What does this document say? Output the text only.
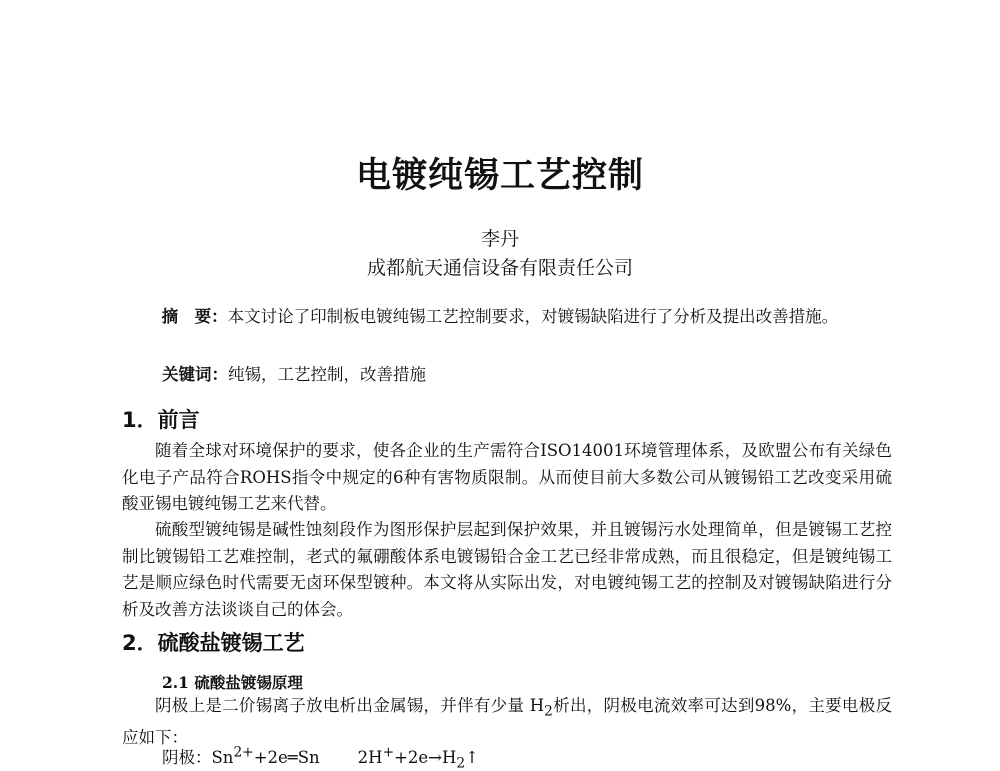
电镀纯锡工艺控制
李丹
成都航天通信设备有限责任公司
摘　要：本文讨论了印制板电镀纯锡工艺控制要求，对镀锡缺陷进行了分析及提出改善措施。
关键词：纯锡，工艺控制，改善措施
1．前言
随着全球对环境保护的要求，使各企业的生产需符合ISO14001环境管理体系，及欧盟公布有关绿色化电子产品符合ROHS指令中规定的6种有害物质限制。从而使目前大多数公司从镀锡铅工艺改变采用硫酸亚锡电镀纯锡工艺来代替。
硫酸型镀纯锡是碱性蚀刻段作为图形保护层起到保护效果，并且镀锡污水处理简单，但是镀锡工艺控制比镀锡铅工艺难控制，老式的氟硼酸体系电镀锡铅合金工艺已经非常成熟，而且很稳定，但是镀纯锡工艺是顺应绿色时代需要无卤环保型镀种。本文将从实际出发，对电镀纯锡工艺的控制及对镀锡缺陷进行分析及改善方法谈谈自己的体会。
2．硫酸盐镀锡工艺
2.1 硫酸盐镀锡原理
阴极上是二价锡离子放电析出金属锡，并伴有少量 $H_2$析出，阴极电流效率可达到98%，主要电极反应如下：
阴极：$Sn^{2+}+2e═Sn$ $2H^++2e\to H_2↑$
